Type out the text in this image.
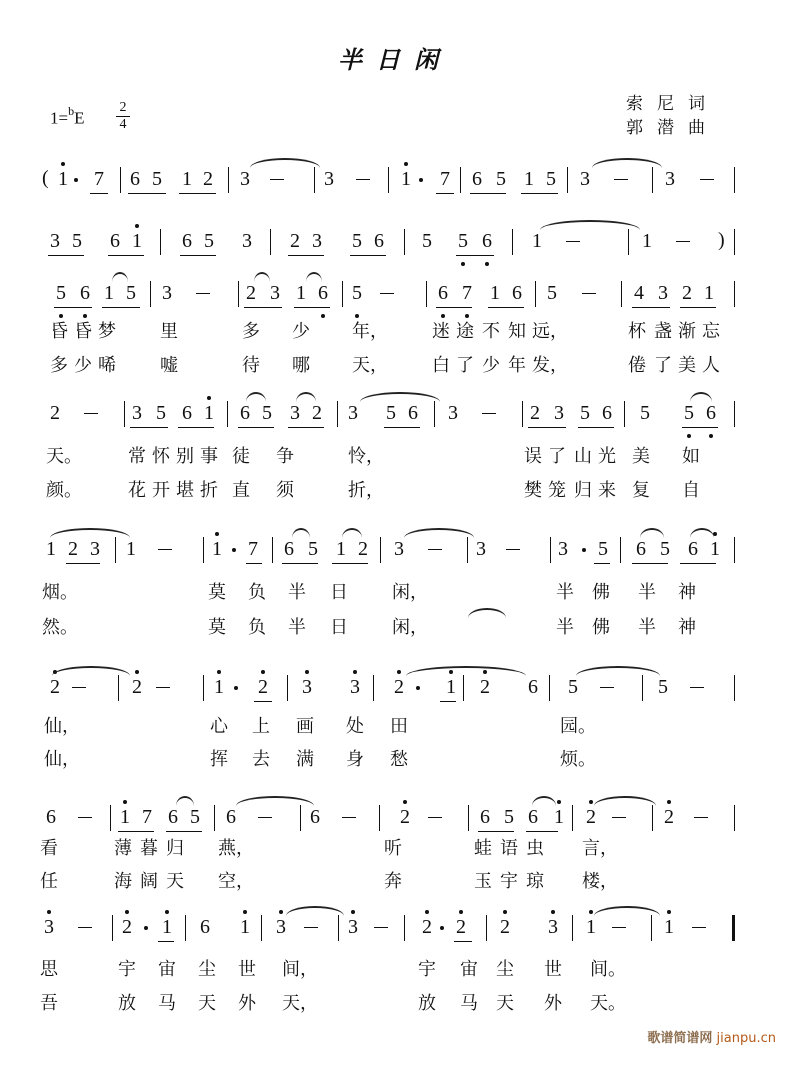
半日闲
$1=^bE \frac{2}{4}$	索尼词
郭潜曲
( 1 7 6 5 1 2 3	3	1 7 6 5 1 5 3	3
3 5 6 1 6 5 3 2 3 5 6 5 5 6 1	1	)
5 6 1 5 3	2 3 1 6 5	6 7 1 6 5	4 3 2 1
昏 昏 梦 里	多 少 年， 迷 途 不 知 远，	杯 盏 渐 忘
多 少 唏 嘘	待 哪 天， 白 了 少 年 发，	倦 了 美 人
2	3 5 6 1 6 5 3 2 3 5 6 3	2 3 5 6 5 5 6
天。	常 怀 别 事 徒 争	怜，	误 了 山 光 美 如
颜。	花 开 堪 折 直 须	折，	樊 笼 归 来 复 自
1 2 3 1	1 7 6 5 1 2 3	3	3 5 6 5 6 1
烟。	莫 负 半 日 闲，	半 佛 半 神
然。	莫 负 半 日 闲，	半 佛 半 神
2	2	1 2 3 3 2 1 2 6 5	5
仙，	心 上 画 处 田	园。
仙，	挥 去 满 身 愁	烦。
6	1 7 6 5 6	6	2	6 5 6 1 2	2
看	薄 暮 归 燕，	听	蛙 语 虫 言，
任	海 阔 天 空，	奔	玉 宇 琼 楼，
3	2 1 6 1 3	3	2 2 2 3 1	1
思	宇 宙 尘 世 间，	宇 宙 尘 世 间。
吾	放 马 天 外 天，	放 马 天 外 天。
歌谱简谱网 jianpu.cn
